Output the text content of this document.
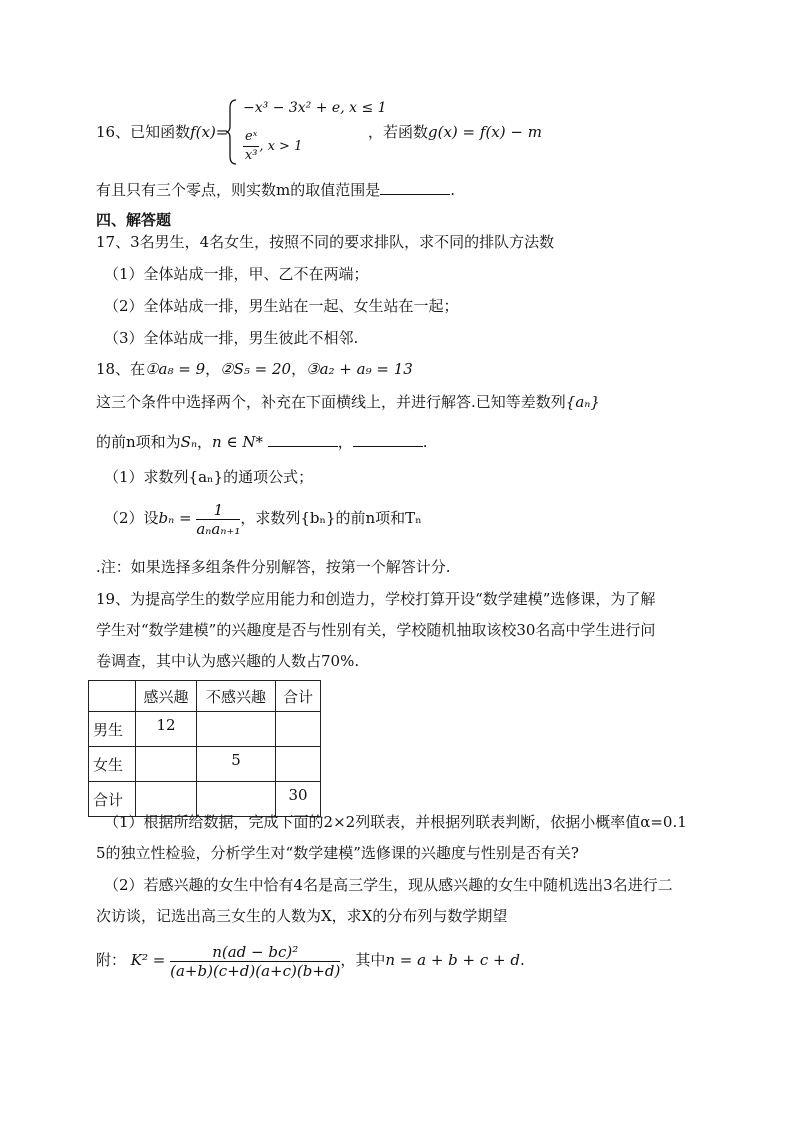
16、已知函数f(x)=
−x³ − 3x² + e, x ≤ 1
$\frac{\text{eˣ}}{\text{x³}}$ , x > 1
，若函数g(x) = f(x) − m
有且只有三个零点，则实数m的取值范围是	.
四、解答题
17、3名男生，4名女生，按照不同的要求排队，求不同的排队方法数
（1）全体站成一排，甲、乙不在两端；
（2）全体站成一排，男生站在一起、女生站在一起；
（3）全体站成一排，男生彼此不相邻.
18、在①a₈ = 9，②S₅ = 20，③a₂ + a₉ = 13
这三个条件中选择两个，补充在下面横线上，并进行解答.已知等差数列{aₙ}
的前n项和为Sₙ，n ∈ N*	，	.
（1）求数列{aₙ}的通项公式；
（2）设$b_n = \frac{1}{\text{aₙaₙ₊₁}}$ ，求数列{bₙ}的前n项和Tₙ
.注：如果选择多组条件分别解答，按第一个解答计分.
19、为提高学生的数学应用能力和创造力，学校打算开设“数学建模”选修课，为了解
学生对“数学建模”的兴趣度是否与性别有关，学校随机抽取该校30名高中学生进行问
卷调查，其中认为感兴趣的人数占70%.
	感兴趣	不感兴趣	合计
男生	12		
女生		5	
合计			30
（1）根据所给数据，完成下面的2×2列联表，并根据列联表判断，依据小概率值α=0.1
5的独立性检验，分析学生对“数学建模”选修课的兴趣度与性别是否有关?
（2）若感兴趣的女生中恰有4名是高三学生，现从感兴趣的女生中随机选出3名进行二
次访谈，记选出高三女生的人数为X，求X的分布列与数学期望
附： $K^2 = \frac{\text{n(ad − bc)²}}{(a+b)(c+d)(a+c)(b+d)}$ ，其中n = a + b + c + d.
